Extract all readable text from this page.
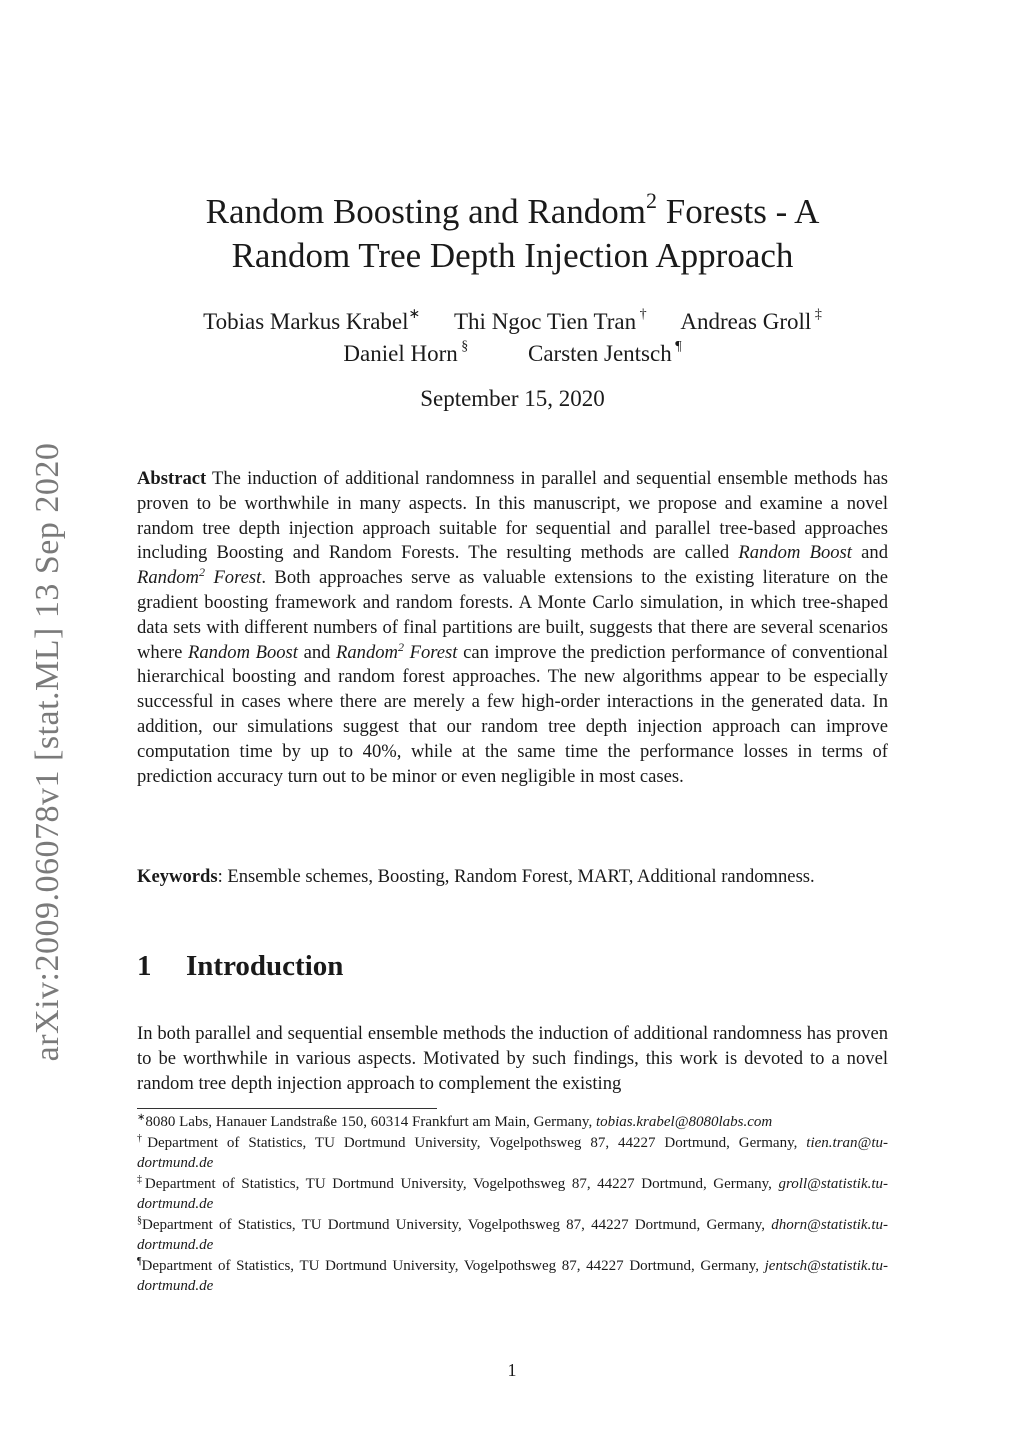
arXiv:2009.06078v1 [stat.ML] 13 Sep 2020
Random Boosting and Random$^2$ Forests - A
Random Tree Depth Injection Approach
Tobias Markus Krabel∗ Thi Ngoc Tien Tran † Andreas Groll ‡
Daniel Horn §	Carsten Jentsch ¶
September 15, 2020
Abstract The induction of additional randomness in parallel and sequential ensemble methods has proven to be worthwhile in many aspects. In this manuscript, we propose and examine a novel random tree depth injection approach suitable for sequential and parallel tree-based approaches including Boosting and Random Forests. The resulting methods are called Random Boost and Random$^2$ Forest. Both approaches serve as valuable extensions to the existing literature on the gradient boosting framework and random forests. A Monte Carlo simulation, in which tree-shaped data sets with different numbers of final partitions are built, suggests that there are several scenarios where Random Boost and Random$^2$ Forest can improve the prediction performance of conventional hierarchical boosting and random forest approaches. The new algorithms appear to be especially successful in cases where there are merely a few high-order interactions in the generated data. In addition, our simulations suggest that our random tree depth injection approach can improve computation time by up to 40%, while at the same time the performance losses in terms of prediction accuracy turn out to be minor or even negligible in most cases.
Keywords: Ensemble schemes, Boosting, Random Forest, MART, Additional randomness.
1 Introduction
In both parallel and sequential ensemble methods the induction of additional randomness has proven to be worthwhile in various aspects. Motivated by such findings, this work is devoted to a novel random tree depth injection approach to complement the existing

∗8080 Labs, Hanauer Landstraße 150, 60314 Frankfurt am Main, Germany, tobias.krabel@8080labs.com

†Department of Statistics, TU Dortmund University, Vogelpothsweg 87, 44227 Dortmund, Germany, tien.tran@tu-dortmund.de

‡Department of Statistics, TU Dortmund University, Vogelpothsweg 87, 44227 Dortmund, Germany, groll@statistik.tu-dortmund.de

§Department of Statistics, TU Dortmund University, Vogelpothsweg 87, 44227 Dortmund, Germany, dhorn@statistik.tu-dortmund.de

¶Department of Statistics, TU Dortmund University, Vogelpothsweg 87, 44227 Dortmund, Germany, jentsch@statistik.tu-dortmund.de

1
